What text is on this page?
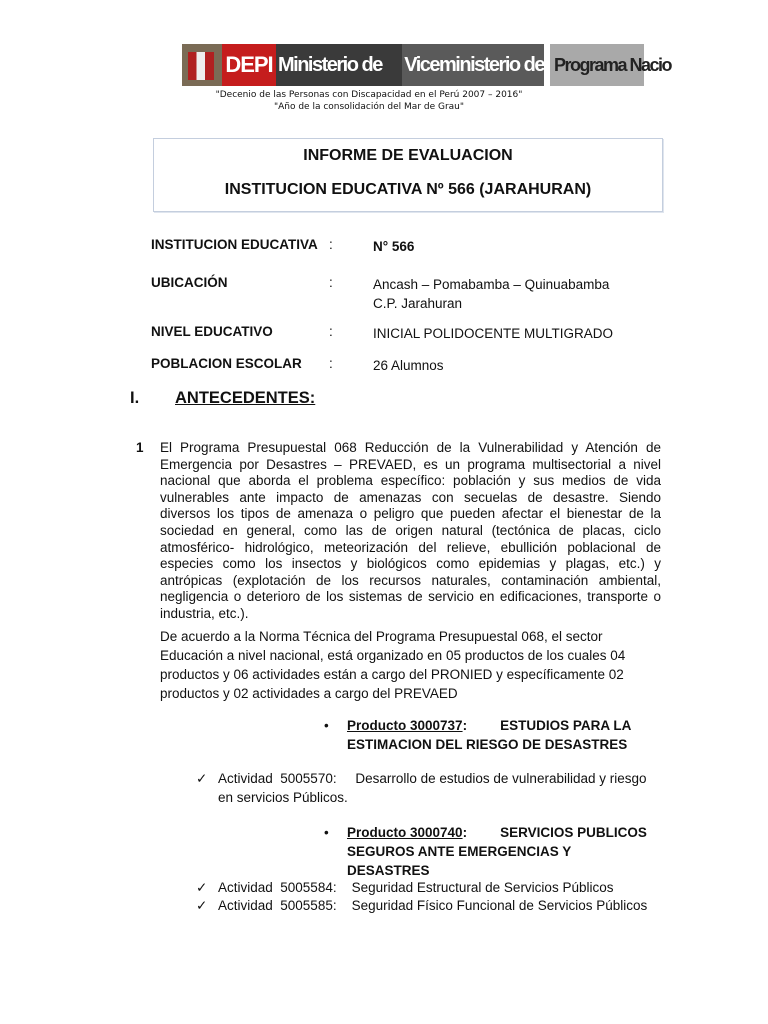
DEPI Ministerio de	Viceministerio de Programa Nacio
"Decenio de las Personas con Discapacidad en el Perú 2007 – 2016"
"Año de la consolidación del Mar de Grau"
INFORME DE EVALUACION
INSTITUCION EDUCATIVA Nº 566 (JARAHURAN)
INSTITUCION EDUCATIVA :	N° 566
UBICACIÓN	:	Ancash – Pomabamba – Quinuabamba
C.P. Jarahuran
NIVEL EDUCATIVO	:	INICIAL POLIDOCENTE MULTIGRADO
POBLACION ESCOLAR :	26 Alumnos
I. ANTECEDENTES:
1 El Programa Presupuestal 068 Reducción de la Vulnerabilidad y Atención de
Emergencia por Desastres – PREVAED, es un programa multisectorial a nivel
nacional que aborda el problema específico: población y sus medios de vida
vulnerables ante impacto de amenazas con secuelas de desastre. Siendo
diversos los tipos de amenaza o peligro que pueden afectar el bienestar de la
sociedad en general, como las de origen natural (tectónica de placas, ciclo
atmosférico- hidrológico, meteorización del relieve, ebullición poblacional de
especies como los insectos y biológicos como epidemias y plagas, etc.) y
antrópicas (explotación de los recursos naturales, contaminación ambiental,
negligencia o deterioro de los sistemas de servicio en edificaciones, transporte o
industria, etc.).
De acuerdo a la Norma Técnica del Programa Presupuestal 068, el sector
Educación a nivel nacional, está organizado en 05 productos de los cuales 04
productos y 06 actividades están a cargo del PRONIED y específicamente 02
productos y 02 actividades a cargo del PREVAED
• Producto 3000737: ESTUDIOS PARA LA
ESTIMACION DEL RIESGO DE DESASTRES
✓ Actividad  5005570:     Desarrollo de estudios de vulnerabilidad y riesgo
en servicios Públicos.
• Producto 3000740: SERVICIOS PUBLICOS
SEGUROS ANTE EMERGENCIAS Y
DESASTRES
✓ Actividad  5005584:    Seguridad Estructural de Servicios Públicos
✓ Actividad  5005585:    Seguridad Físico Funcional de Servicios Públicos
